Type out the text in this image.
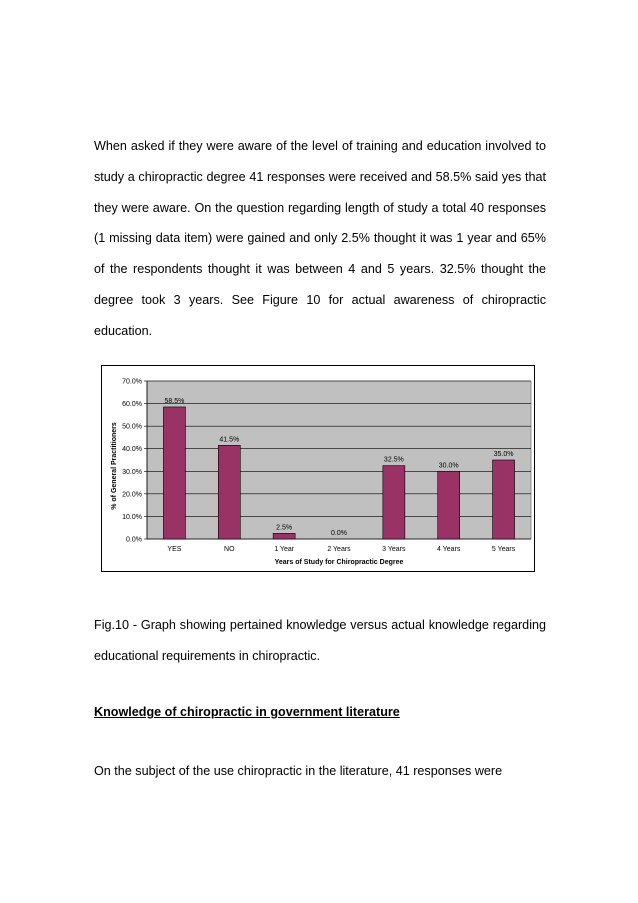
When asked if they were aware of the level of training and education involved to study a chiropractic degree 41 responses were received and 58.5% said yes that they were aware. On the question regarding length of study a total 40 responses (1 missing data item) were gained and only 2.5% thought it was 1 year and 65% of the respondents thought it was between 4 and 5 years. 32.5% thought the degree took 3 years. See Figure 10 for actual awareness of chiropractic education.

0.0%
10.0%
20.0%
30.0%
40.0%
50.0%
60.0%
70.0%
58.5%
YES
41.5%
NO
2.5%
1 Year
0.0%
2 Years
32.5%
3 Years
30.0%
4 Years
35.0%
5 Years
Years of Study for Chiropractic Degree
% of General Practitioners

Fig.10 - Graph showing pertained knowledge versus actual knowledge regarding educational requirements in chiropractic.

Knowledge of chiropractic in government literature

On the subject of the use chiropractic in the literature, 41 responses were
